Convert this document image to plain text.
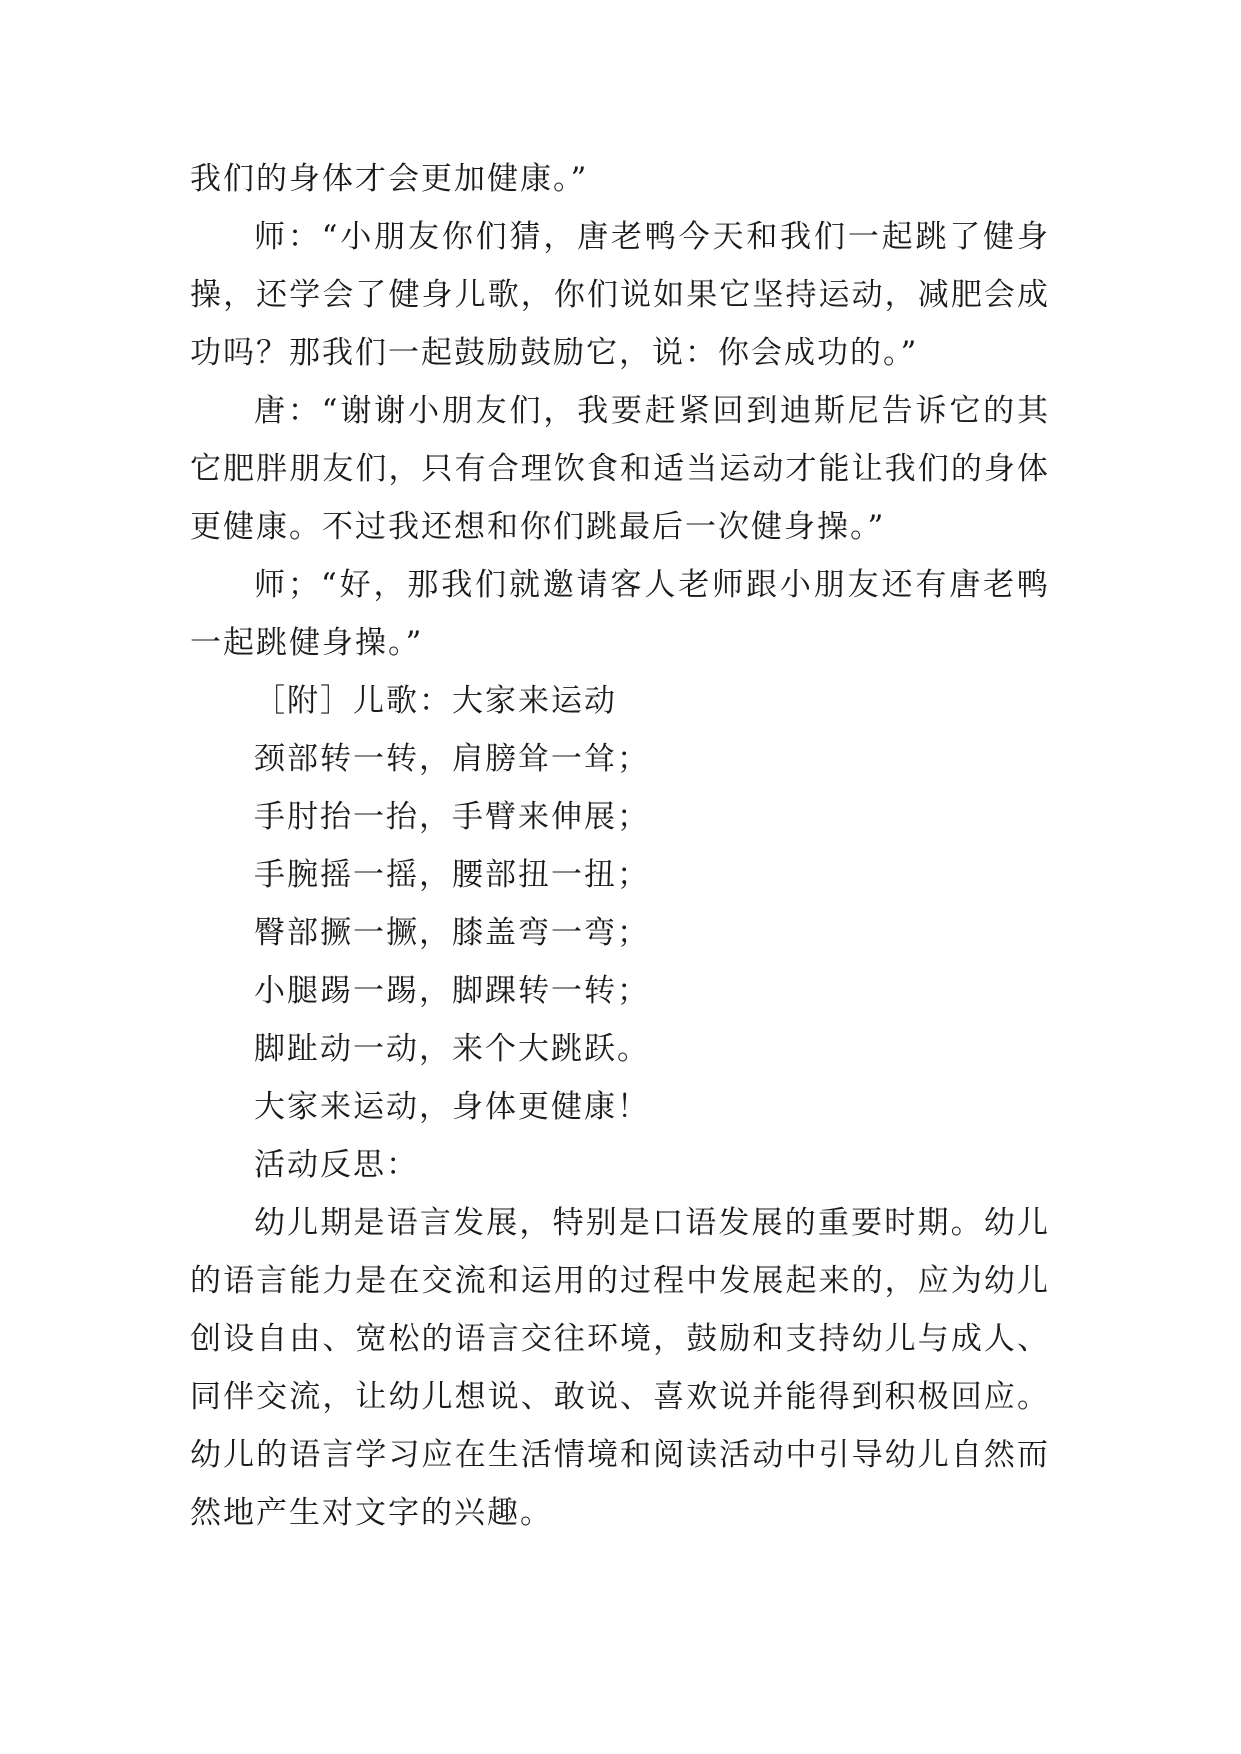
我们的身体才会更加健康。”

师：“小朋友你们猜，唐老鸭今天和我们一起跳了健身操，还学会了健身儿歌，你们说如果它坚持运动，减肥会成功吗？那我们一起鼓励鼓励它，说：你会成功的。”

唐：“谢谢小朋友们，我要赶紧回到迪斯尼告诉它的其它肥胖朋友们，只有合理饮食和适当运动才能让我们的身体更健康。不过我还想和你们跳最后一次健身操。”

师；“好，那我们就邀请客人老师跟小朋友还有唐老鸭一起跳健身操。”

［附］儿歌：大家来运动

颈部转一转，肩膀耸一耸；

手肘抬一抬，手臂来伸展；

手腕摇一摇，腰部扭一扭；

臀部撅一撅，膝盖弯一弯；

小腿踢一踢，脚踝转一转；

脚趾动一动，来个大跳跃。

大家来运动，身体更健康！

活动反思：

幼儿期是语言发展，特别是口语发展的重要时期。幼儿的语言能力是在交流和运用的过程中发展起来的，应为幼儿创设自由、宽松的语言交往环境，鼓励和支持幼儿与成人、同伴交流，让幼儿想说、敢说、喜欢说并能得到积极回应。幼儿的语言学习应在生活情境和阅读活动中引导幼儿自然而然地产生对文字的兴趣。
